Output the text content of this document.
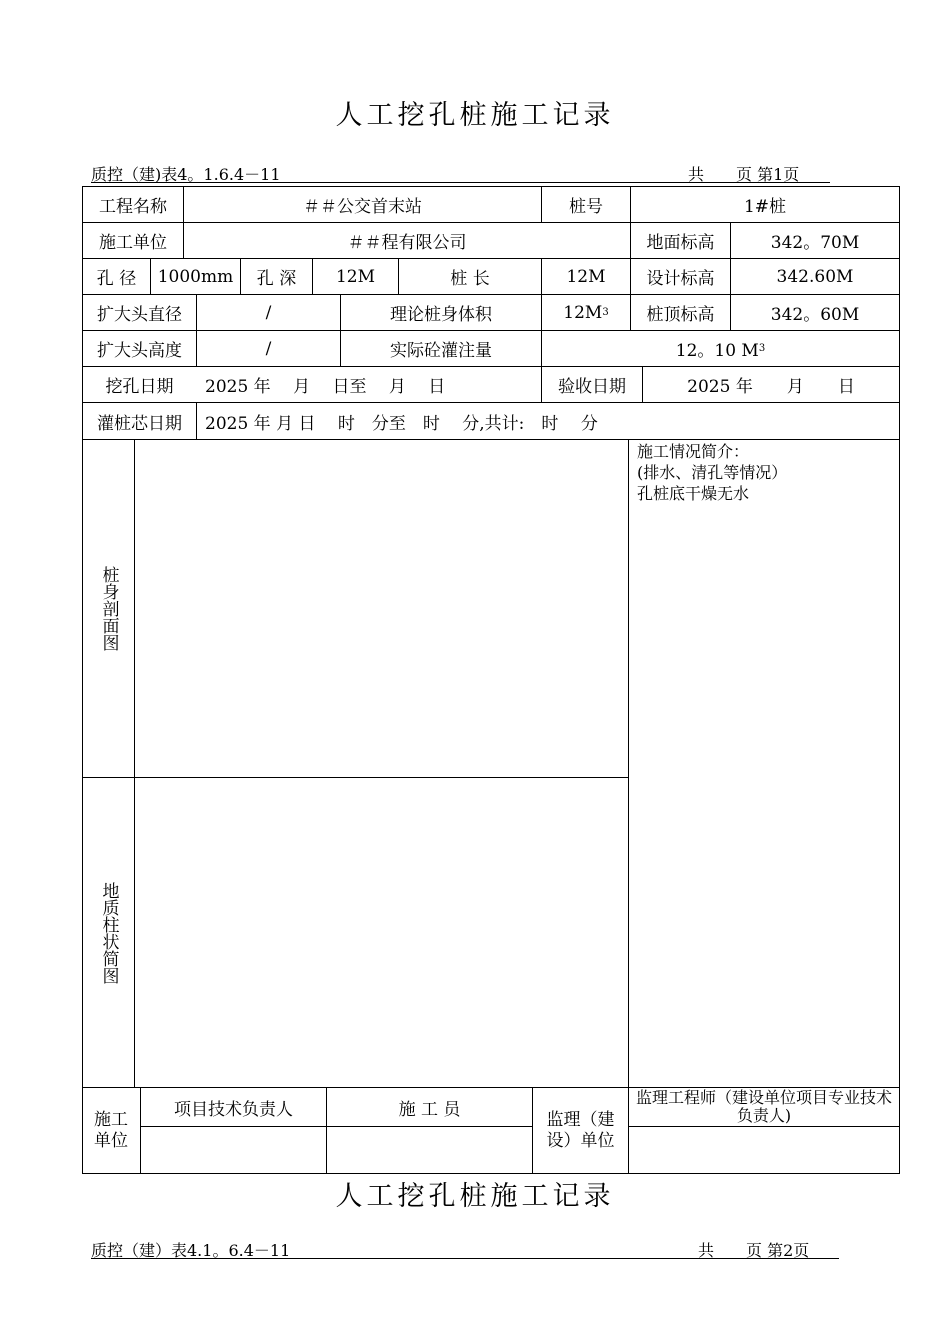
人工挖孔桩施工记录
质控（建)表4。1.6.4－11	共　　页 第1页
工程名称	＃＃公交首末站	桩号	1#桩
施工单位	＃＃程有限公司	地面标高	342。70M
孔 径	1000mm	孔 深	12M	桩 长	12M	设计标高	342.60M
扩大头直径	/	理论桩身体积	12M 3	桩顶标高	342。60M
扩大头高度	/	实际砼灌注量	12。10 M 3
挖孔日期	2025 年　 月　 日至　 月　 日	验收日期	2025 年　　月　　日
灌桩芯日期	2025 年 月 日　 时　分至　时　 分,共计:　时　 分
桩身剖面图
地质柱状简图
施工情况简介：
(排水、清孔等情况）
孔桩底干燥无水
施工单位
项目技术负责人	施 工 员	监理（建设）单位
监理工程师（建设单位项目专业技术负责人)
人工挖孔桩施工记录
质控（建）表4.1。6.4－11	共　　页 第2页
